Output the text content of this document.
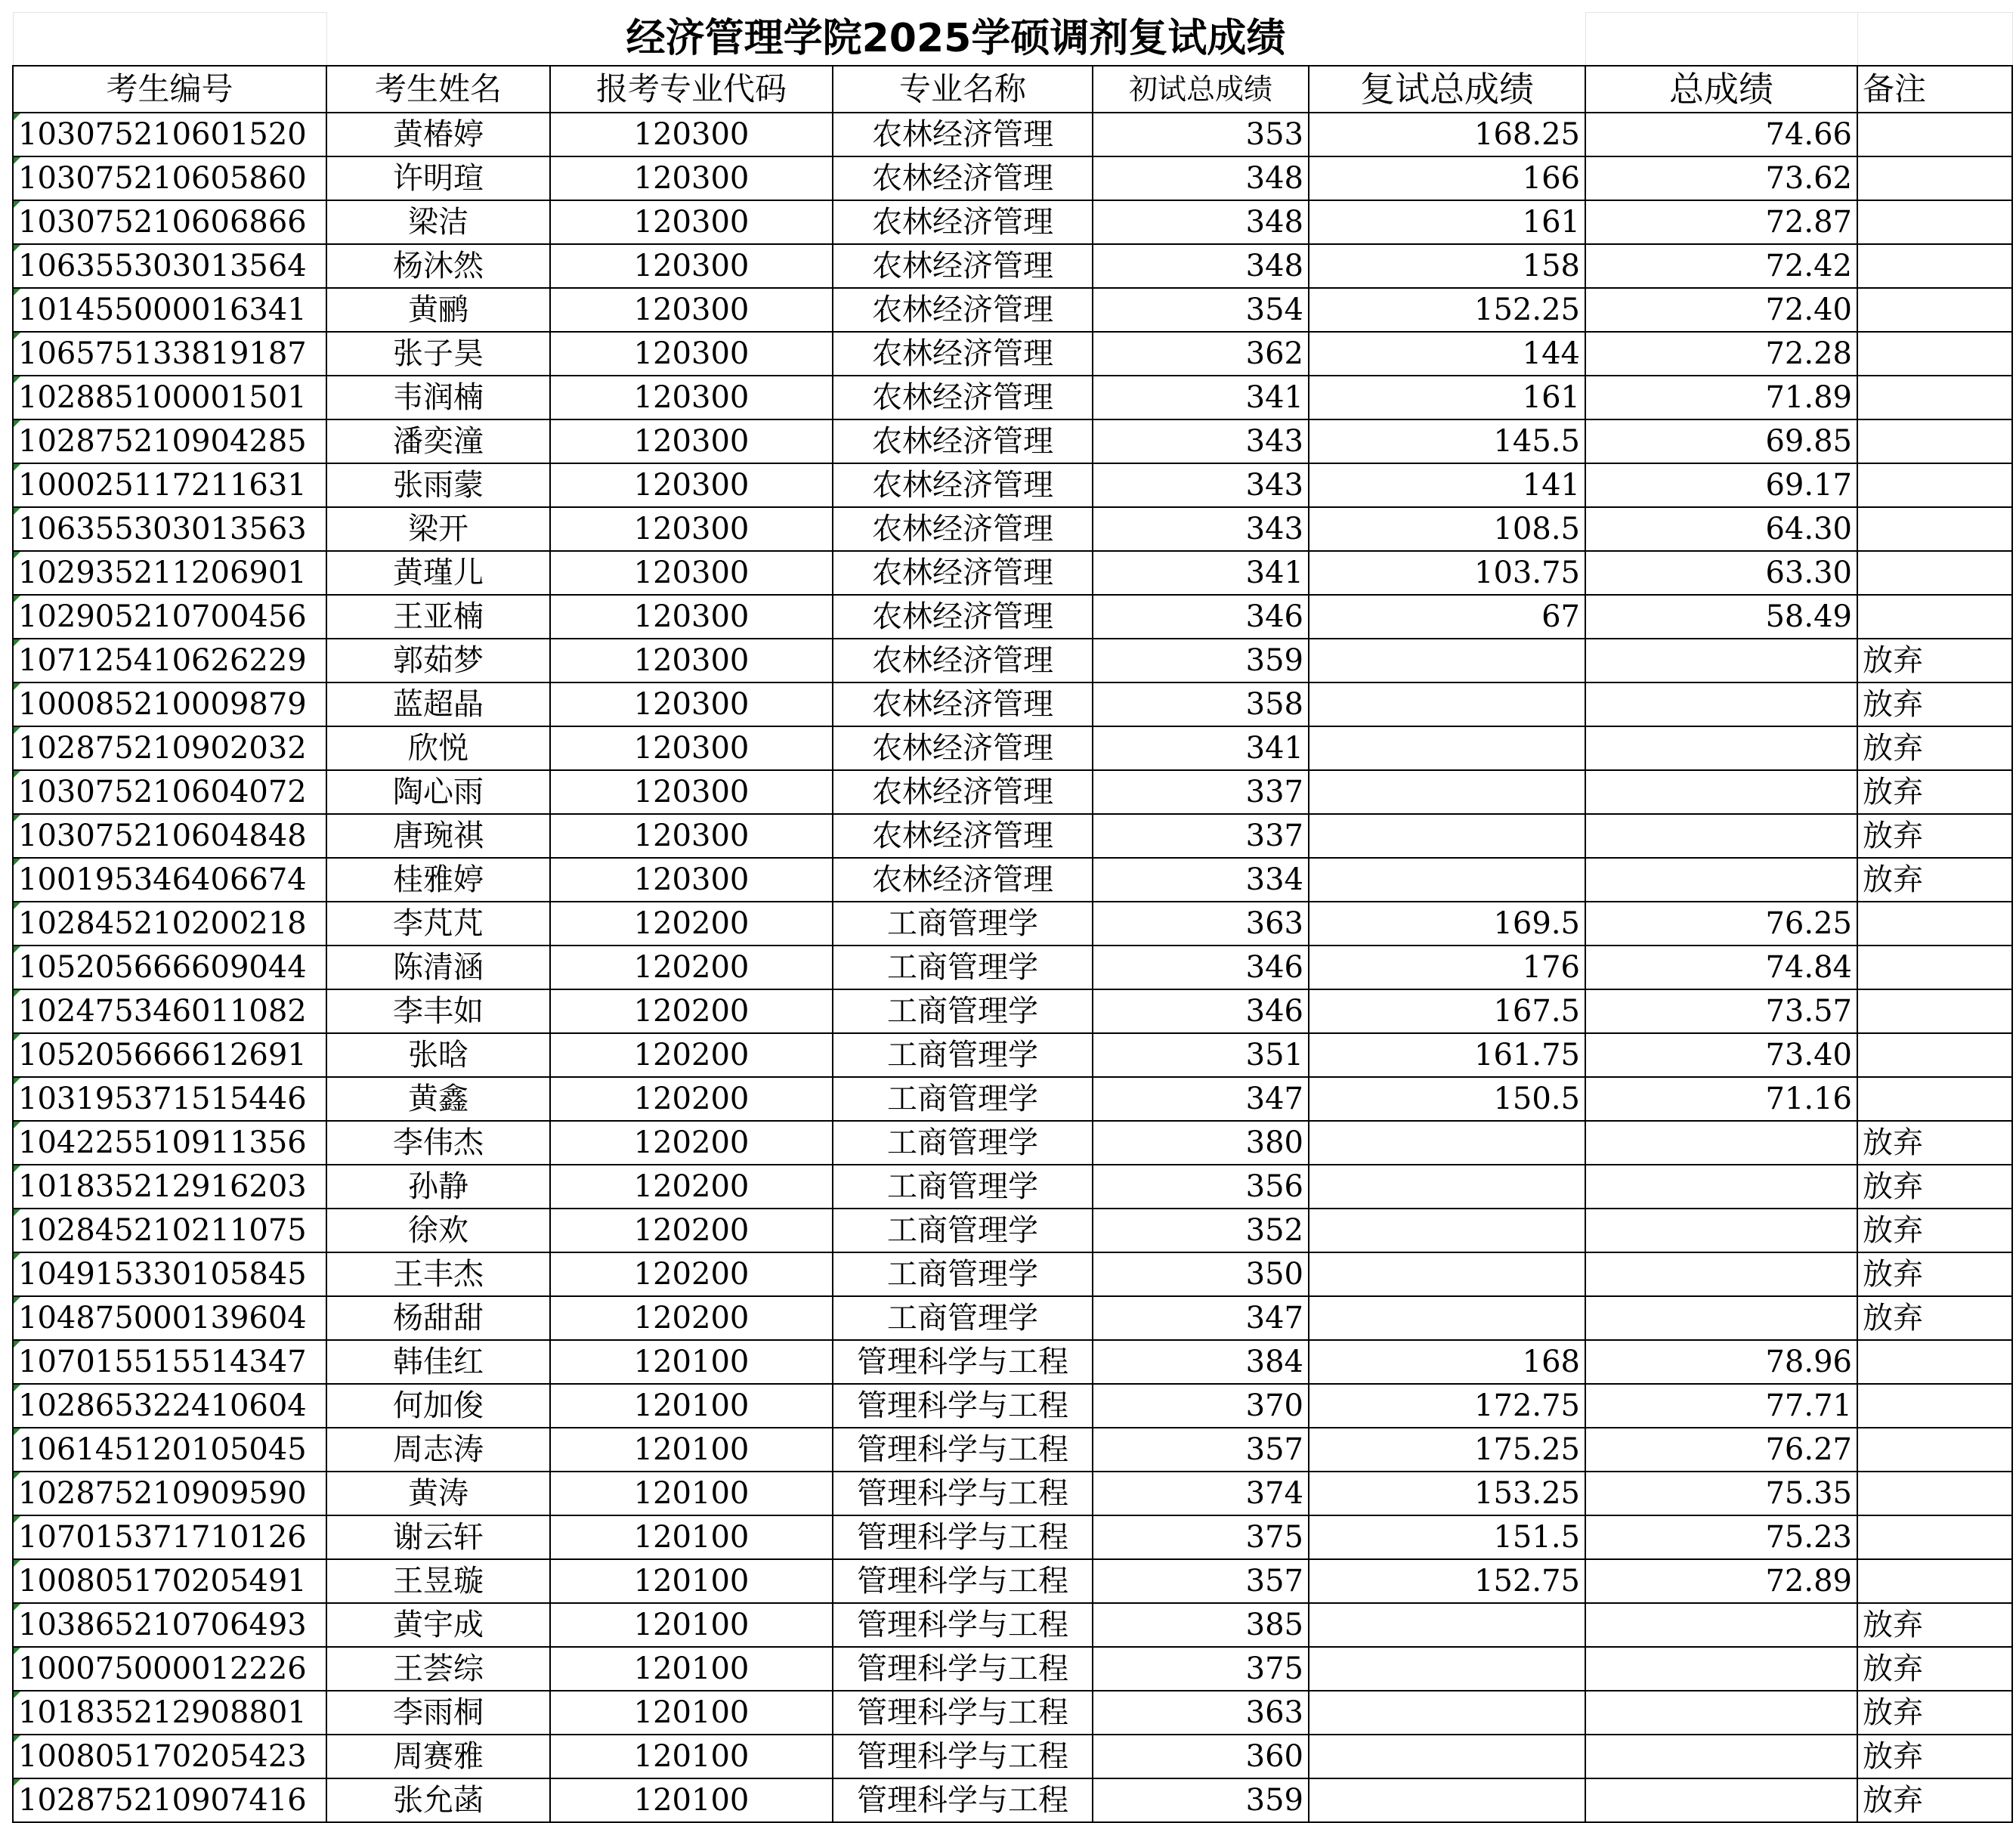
	经济管理学院2025学硕调剂复试成绩						
考生编号	考生姓名	报考专业代码	专业名称	初试总成绩	复试总成绩	总成绩	备注
103075210601520	黄椿婷	120300	农林经济管理	353	168.25	74.66	
103075210605860	许明瑄	120300	农林经济管理	348	166	73.62	
103075210606866	梁洁	120300	农林经济管理	348	161	72.87	
106355303013564	杨沐然	120300	农林经济管理	348	158	72.42	
101455000016341	黄鹂	120300	农林经济管理	354	152.25	72.40	
106575133819187	张子昊	120300	农林经济管理	362	144	72.28	
102885100001501	韦润楠	120300	农林经济管理	341	161	71.89	
102875210904285	潘奕潼	120300	农林经济管理	343	145.5	69.85	
100025117211631	张雨蒙	120300	农林经济管理	343	141	69.17	
106355303013563	梁开	120300	农林经济管理	343	108.5	64.30	
102935211206901	黄瑾儿	120300	农林经济管理	341	103.75	63.30	
102905210700456	王亚楠	120300	农林经济管理	346	67	58.49	
107125410626229	郭茹梦	120300	农林经济管理	359			放弃
100085210009879	蓝超晶	120300	农林经济管理	358			放弃
102875210902032	欣悦	120300	农林经济管理	341			放弃
103075210604072	陶心雨	120300	农林经济管理	337			放弃
103075210604848	唐琬祺	120300	农林经济管理	337			放弃
100195346406674	桂雅婷	120300	农林经济管理	334			放弃
102845210200218	李芃芃	120200	工商管理学	363	169.5	76.25	
105205666609044	陈清涵	120200	工商管理学	346	176	74.84	
102475346011082	李丰如	120200	工商管理学	346	167.5	73.57	
105205666612691	张晗	120200	工商管理学	351	161.75	73.40	
103195371515446	黄鑫	120200	工商管理学	347	150.5	71.16	
104225510911356	李伟杰	120200	工商管理学	380			放弃
101835212916203	孙静	120200	工商管理学	356			放弃
102845210211075	徐欢	120200	工商管理学	352			放弃
104915330105845	王丰杰	120200	工商管理学	350			放弃
104875000139604	杨甜甜	120200	工商管理学	347			放弃
107015515514347	韩佳红	120100	管理科学与工程	384	168	78.96	
102865322410604	何加俊	120100	管理科学与工程	370	172.75	77.71	
106145120105045	周志涛	120100	管理科学与工程	357	175.25	76.27	
102875210909590	黄涛	120100	管理科学与工程	374	153.25	75.35	
107015371710126	谢云轩	120100	管理科学与工程	375	151.5	75.23	
100805170205491	王昱璇	120100	管理科学与工程	357	152.75	72.89	
103865210706493	黄宇成	120100	管理科学与工程	385			放弃
100075000012226	王荟综	120100	管理科学与工程	375			放弃
101835212908801	李雨桐	120100	管理科学与工程	363			放弃
100805170205423	周赛雅	120100	管理科学与工程	360			放弃
102875210907416	张允菡	120100	管理科学与工程	359			放弃
